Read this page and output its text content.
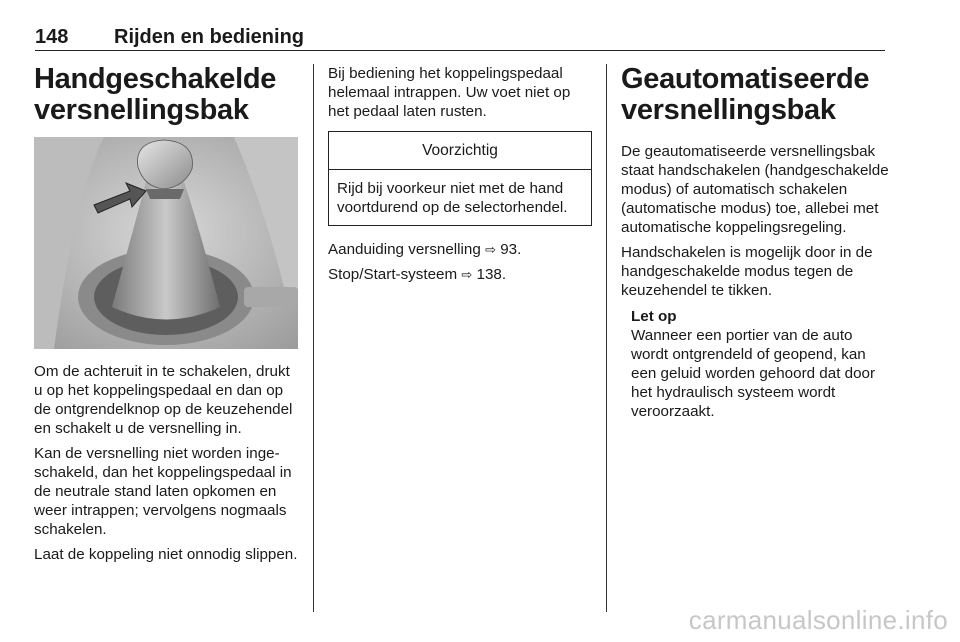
148 Rijden en bediening
Handgeschakelde
versnellingsbak

Om de achteruit in te schakelen, drukt u op het koppelingspedaal en dan op de ontgrendelknop op de keuzehendel en schakelt u de versnelling in.

Kan de versnelling niet worden ingeschakeld, dan het koppelingspedaal in de neutrale stand laten opkomen en weer intrappen; vervolgens nogmaals schakelen.

Laat de koppeling niet onnodig slippen.

Bij bediening het koppelingspedaal helemaal intrappen. Uw voet niet op het pedaal laten rusten.

Voorzichtig
Rijd bij voorkeur niet met de hand voortdurend op de selectorhendel.

Aanduiding versnelling ⇨ 93.

Stop/Start-systeem ⇨ 138.

Geautomatiseerde
versnellingsbak

De geautomatiseerde versnellingsbak staat handschakelen (handgeschakelde modus) of automatisch schakelen (automatische modus) toe, allebei met automatische koppelingsregeling.

Handschakelen is mogelijk door in de handgeschakelde modus tegen de keuzehendel te tikken.

Let op

Wanneer een portier van de auto wordt ontgrendeld of geopend, kan een geluid worden gehoord dat door het hydraulisch systeem wordt veroorzaakt.

carmanualsonline.info
